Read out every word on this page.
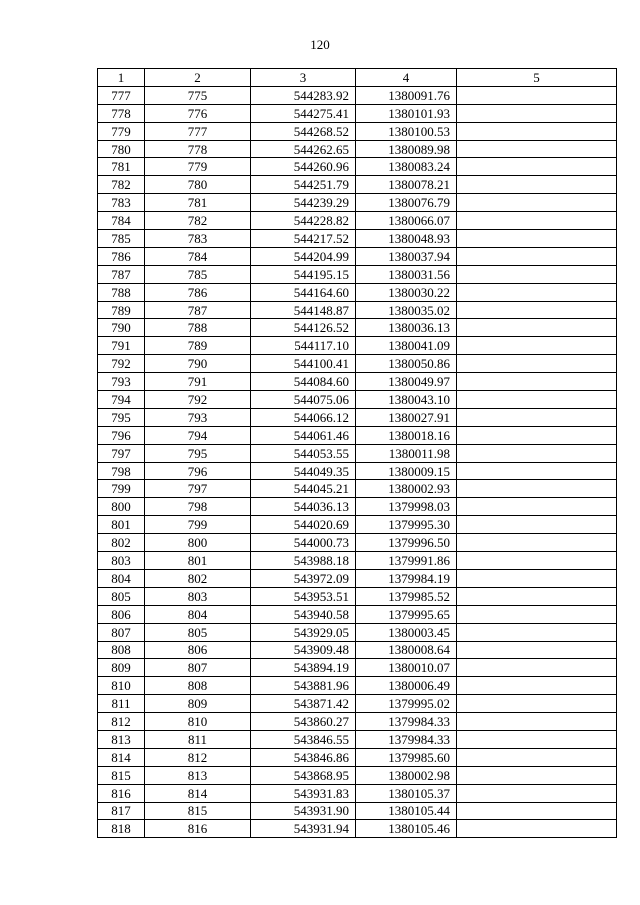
120
1	2	3	4	5
777	775	544283.92	1380091.76	
778	776	544275.41	1380101.93	
779	777	544268.52	1380100.53	
780	778	544262.65	1380089.98	
781	779	544260.96	1380083.24	
782	780	544251.79	1380078.21	
783	781	544239.29	1380076.79	
784	782	544228.82	1380066.07	
785	783	544217.52	1380048.93	
786	784	544204.99	1380037.94	
787	785	544195.15	1380031.56	
788	786	544164.60	1380030.22	
789	787	544148.87	1380035.02	
790	788	544126.52	1380036.13	
791	789	544117.10	1380041.09	
792	790	544100.41	1380050.86	
793	791	544084.60	1380049.97	
794	792	544075.06	1380043.10	
795	793	544066.12	1380027.91	
796	794	544061.46	1380018.16	
797	795	544053.55	1380011.98	
798	796	544049.35	1380009.15	
799	797	544045.21	1380002.93	
800	798	544036.13	1379998.03	
801	799	544020.69	1379995.30	
802	800	544000.73	1379996.50	
803	801	543988.18	1379991.86	
804	802	543972.09	1379984.19	
805	803	543953.51	1379985.52	
806	804	543940.58	1379995.65	
807	805	543929.05	1380003.45	
808	806	543909.48	1380008.64	
809	807	543894.19	1380010.07	
810	808	543881.96	1380006.49	
811	809	543871.42	1379995.02	
812	810	543860.27	1379984.33	
813	811	543846.55	1379984.33	
814	812	543846.86	1379985.60	
815	813	543868.95	1380002.98	
816	814	543931.83	1380105.37	
817	815	543931.90	1380105.44	
818	816	543931.94	1380105.46	
